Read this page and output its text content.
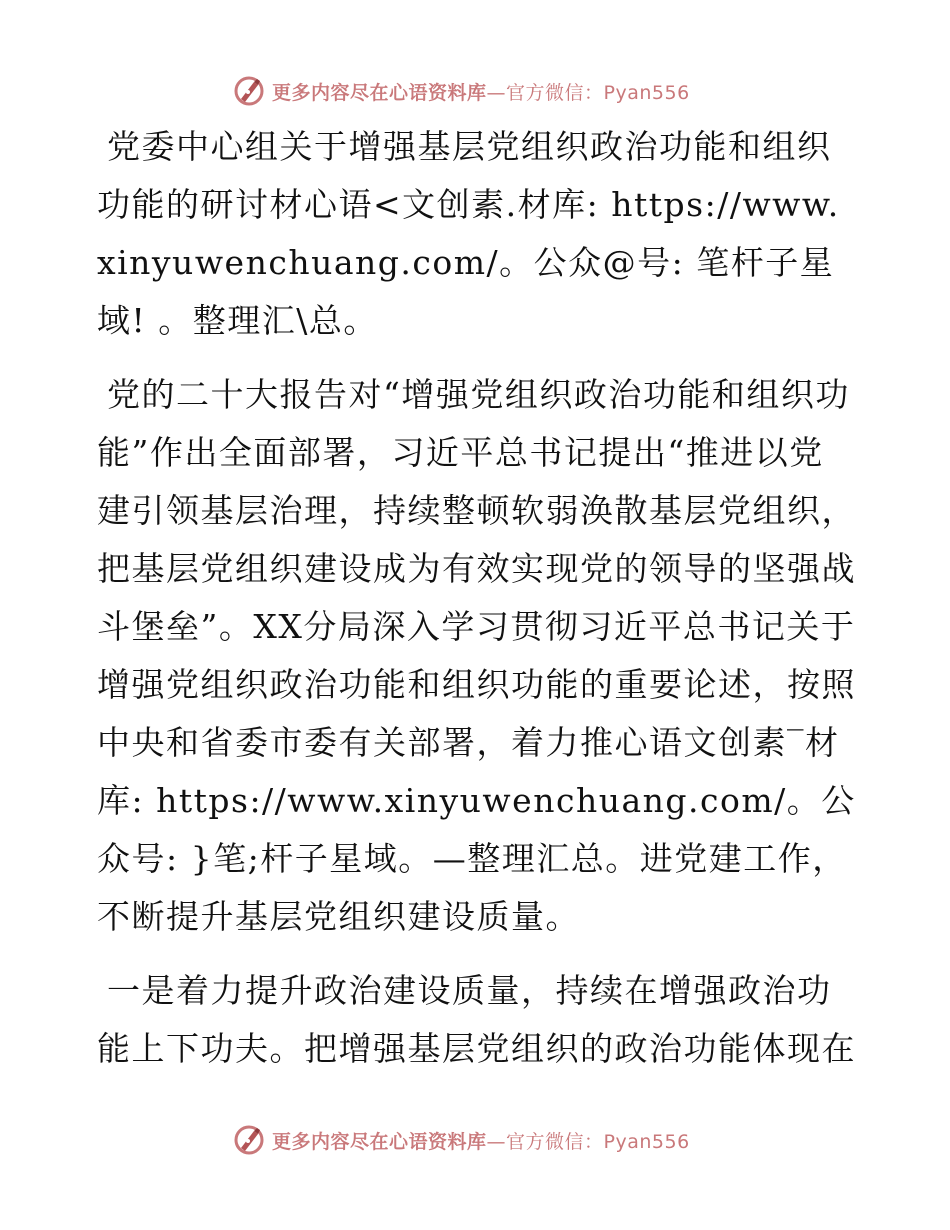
更多内容尽在心语资料库 —官方微信：Pyan556

党委中心组关于增强基层党组织政治功能和组织功能的研讨材心语<文创素.材库: https://www.xinyuwenchuang.com/。公众@号: 笔杆子星域! 。整理汇\总。

党的二十大报告对“增强党组织政治功能和组织功能”作出全面部署，习近平总书记提出“推进以党建引领基层治理，持续整顿软弱涣散基层党组织，把基层党组织建设成为有效实现党的领导的坚强战斗堡垒”。XX分局深入学习贯彻习近平总书记关于增强党组织政治功能和组织功能的重要论述，按照中央和省委市委有关部署，着力推心语文创素‾材库: https://www.xinyuwenchuang.com/。公众号: }笔;杆子星域。—整理汇总。进党建工作，不断提升基层党组织建设质量。

一是着力提升政治建设质量，持续在增强政治功能上下功夫。把增强基层党组织的政治功能体现在

更多内容尽在心语资料库 —官方微信：Pyan556
